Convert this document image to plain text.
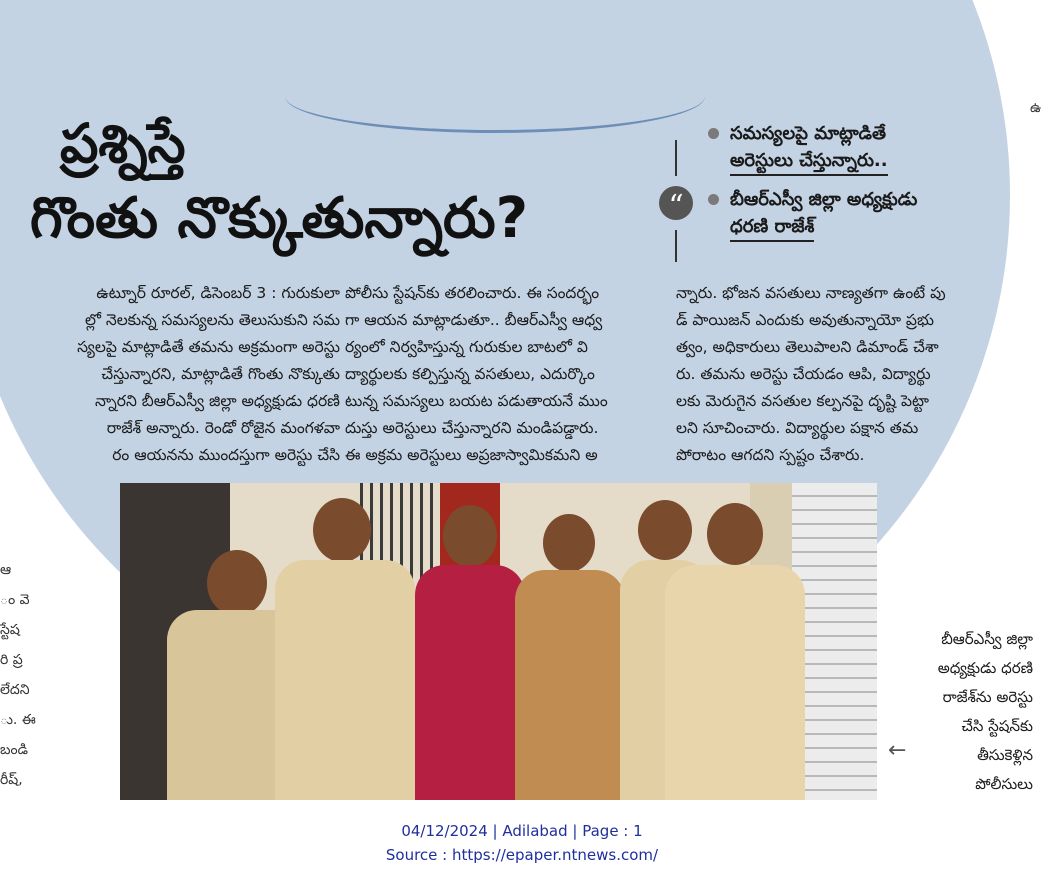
ప్రశ్నిస్తే
గొంతు నొక్కుతున్నారు?	“
సమస్యలపై మాట్లాడితే
అరెస్టులు చేస్తున్నారు..
బీఆర్ఎస్వీ జిల్లా అధ్యక్షుడు
ధరణి రాజేశ్

ఉట్నూర్ రూరల్, డిసెంబర్ 3 : గురుకులా

ల్లో నెలకున్న సమస్యలను తెలుసుకుని సమ

స్యలపై మాట్లాడితే తమను అక్రమంగా అరెస్టు

చేస్తున్నారని, మాట్లాడితే గొంతు నొక్కుతు

న్నారని బీఆర్ఎస్వీ జిల్లా అధ్యక్షుడు ధరణి

రాజేశ్ అన్నారు. రెండో రోజైన మంగళవా

రం ఆయనను ముందస్తుగా అరెస్టు చేసి

పోలీసు స్టేషన్‌కు తరలించారు. ఈ సందర్భం

గా ఆయన మాట్లాడుతూ.. బీఆర్ఎస్వీ ఆధ్వ

ర్యంలో నిర్వహిస్తున్న గురుకుల బాటలో వి

ద్యార్థులకు కల్పిస్తున్న వసతులు, ఎదుర్కొం

టున్న సమస్యలు బయట పడుతాయనే ముం

దుస్తు అరెస్టులు చేస్తున్నారని మండిపడ్డారు.

ఈ అక్రమ అరెస్టులు అప్రజాస్వామికమని అ

న్నారు. భోజన వసతులు నాణ్యతగా ఉంటే పు

డ్ పాయిజన్ ఎందుకు అవుతున్నాయో ప్రభు

త్వం, అధికారులు తెలుపాలని డిమాండ్ చేశా

రు. తమను అరెస్టు చేయడం ఆపి, విద్యార్థు

లకు మెరుగైన వసతుల కల్పనపై దృష్టి పెట్టా

లని సూచించారు. విద్యార్థుల పక్షాన తమ

పోరాటం ఆగదని స్పష్టం చేశారు.

బీఆర్ఎస్వీ జిల్లా

అధ్యక్షుడు ధరణి

రాజేశ్‌ను అరెస్టు

చేసి స్టేషన్‌కు

తీసుకెళ్లిన

పోలీసులు

←

ఆ

ం వె

స్టేష

రి ప్ర

లేదని

ు. ఈ

బండి

రీష్,

ఉ
04/12/2024 | Adilabad | Page : 1
Source : https://epaper.ntnews.com/
